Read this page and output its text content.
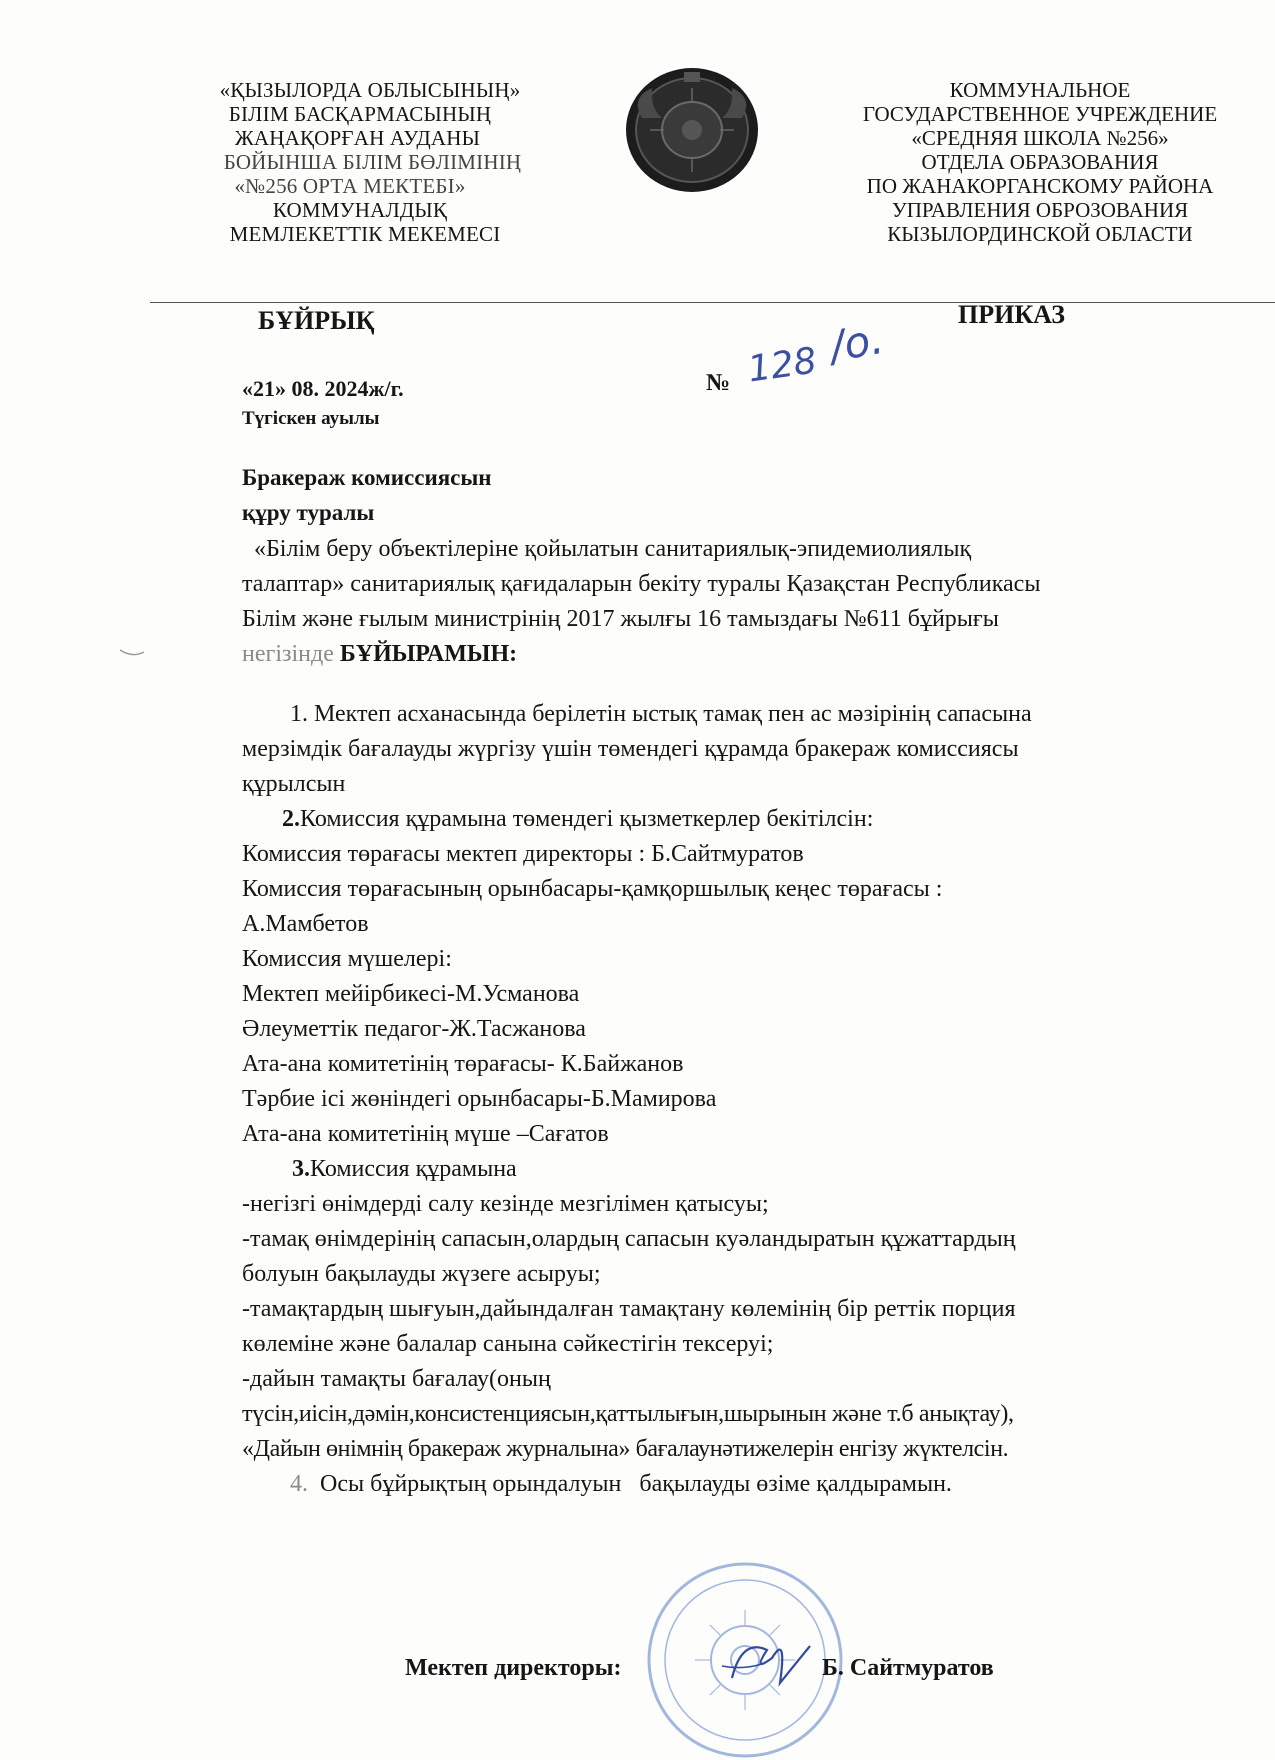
«ҚЫЗЫЛОРДА ОБЛЫСЫНЫҢ»
БІЛІМ БАСҚАРМАСЫНЫҢ
ЖАҢАҚОРҒАН АУДАНЫ
БОЙЫНША БІЛІМ БӨЛІМІНІҢ
«№256 ОРТА МЕКТЕБІ»
КОММУНАЛДЫҚ
МЕМЛЕКЕТТІК МЕКЕМЕСІ
КОММУНАЛЬНОЕ
ГОСУДАРСТВЕННОЕ УЧРЕЖДЕНИЕ
«СРЕДНЯЯ ШКОЛА №256»
ОТДЕЛА ОБРАЗОВАНИЯ
ПО ЖАНАКОРГАНСКОМУ РАЙОНА
УПРАВЛЕНИЯ ОБРОЗОВАНИЯ
КЫЗЫЛОРДИНСКОЙ ОБЛАСТИ
БҰЙРЫҚ	ПРИКАЗ
«21» 08. 2024ж/г.
Түгіскен ауылы
№ 128 /о.
Бракераж комиссиясын
құру туралы

«Білім беру объектілеріне қойылатын санитариялық-эпидемиолиялық

талаптар» санитариялық қағидаларын бекіту туралы Қазақстан Республикасы

Білім және ғылым министрінің 2017 жылғы 16 тамыздағы №611 бұйрығы

негізінде БҰЙЫРАМЫН:

1. Мектеп асханасында берілетін ыстық тамақ пен ас мәзірінің сапасына

мерзімдік бағалауды жүргізу үшін төмендегі құрамда бракераж комиссиясы

құрылсын

2.Комиссия құрамына төмендегі қызметкерлер бекітілсін:

Комиссия төрағасы мектеп директоры : Б.Сайтмуратов

Комиссия төрағасының орынбасары-қамқоршылық кеңес төрағасы :

А.Мамбетов

Комиссия мүшелері:

Мектеп мейірбикесі-М.Усманова

Әлеуметтік педагог-Ж.Тасжанова

Ата-ана комитетінің төрағасы- К.Байжанов

Тәрбие ісі жөніндегі орынбасары-Б.Мамирова

Ата-ана комитетінің мүше –Сағатов

3.Комиссия құрамына

-негізгі өнімдерді салу кезінде мезгілімен қатысуы;

-тамақ өнімдерінің сапасын,олардың сапасын куәландыратын құжаттардың

болуын бақылауды жүзеге асыруы;

-тамақтардың шығуын,дайындалған тамақтану көлемінің бір реттік порция

көлеміне және балалар санына сәйкестігін тексеруі;

-дайын тамақты бағалау(оның

түсін,иісін,дәмін,консистенциясын,қаттылығын,шырынын және т.б анықтау),

«Дайын өнімнің бракераж журналына» бағалаунәтижелерін енгізу жүктелсін.

4.  Осы бұйрықтың орындалуын   бақылауды өзіме қалдырамын.

Мектеп директоры:	Б. Сайтмуратов
